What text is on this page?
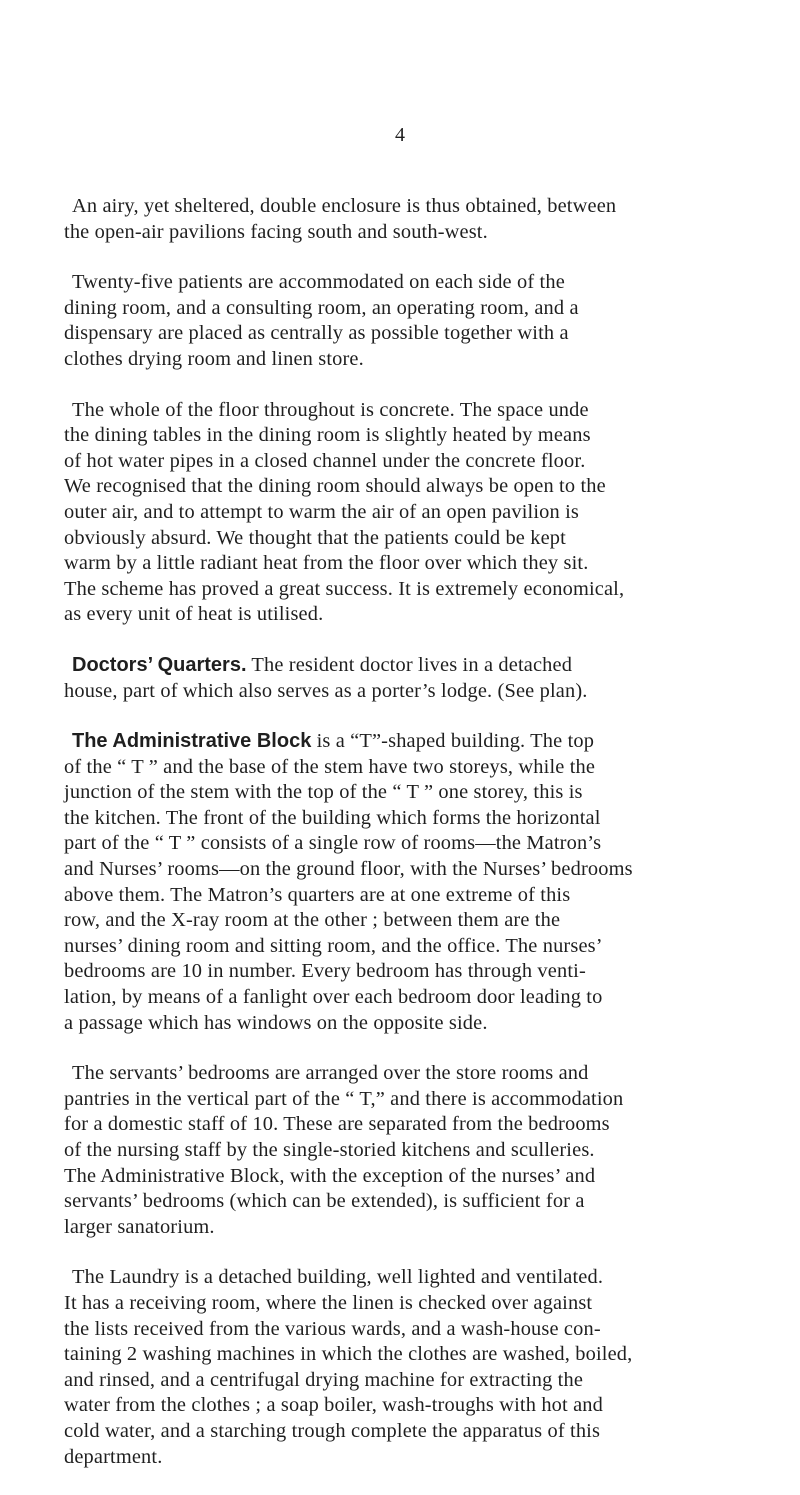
4

An airy, yet sheltered, double enclosure is thus obtained, between
the open-air pavilions facing south and south-west.

Twenty-five patients are accommodated on each side of the
dining room, and a consulting room, an operating room, and a
dispensary are placed as centrally as possible together with a
clothes drying room and linen store.

The whole of the floor throughout is concrete. The space unde
the dining tables in the dining room is slightly heated by means
of hot water pipes in a closed channel under the concrete floor.
We recognised that the dining room should always be open to the
outer air, and to attempt to warm the air of an open pavilion is
obviously absurd. We thought that the patients could be kept
warm by a little radiant heat from the floor over which they sit.
The scheme has proved a great success. It is extremely economical,
as every unit of heat is utilised.

Doctors’ Quarters. The resident doctor lives in a detached
house, part of which also serves as a porter’s lodge. (See plan).

The Administrative Block is a “T”-shaped building. The top
of the “ T ” and the base of the stem have two storeys, while the
junction of the stem with the top of the “ T ” one storey, this is
the kitchen. The front of the building which forms the horizontal
part of the “ T ” consists of a single row of rooms—the Matron’s
and Nurses’ rooms—on the ground floor, with the Nurses’ bedrooms
above them. The Matron’s quarters are at one extreme of this
row, and the X-ray room at the other ; between them are the
nurses’ dining room and sitting room, and the office. The nurses’
bedrooms are 10 in number. Every bedroom has through venti-
lation, by means of a fanlight over each bedroom door leading to
a passage which has windows on the opposite side.

The servants’ bedrooms are arranged over the store rooms and
pantries in the vertical part of the “ T,” and there is accommodation
for a domestic staff of 10. These are separated from the bedrooms
of the nursing staff by the single-storied kitchens and sculleries.
The Administrative Block, with the exception of the nurses’ and
servants’ bedrooms (which can be extended), is sufficient for a
larger sanatorium.

The Laundry is a detached building, well lighted and ventilated.
It has a receiving room, where the linen is checked over against
the lists received from the various wards, and a wash-house con-
taining 2 washing machines in which the clothes are washed, boiled,
and rinsed, and a centrifugal drying machine for extracting the
water from the clothes ; a soap boiler, wash-troughs with hot and
cold water, and a starching trough complete the apparatus of this
department.
